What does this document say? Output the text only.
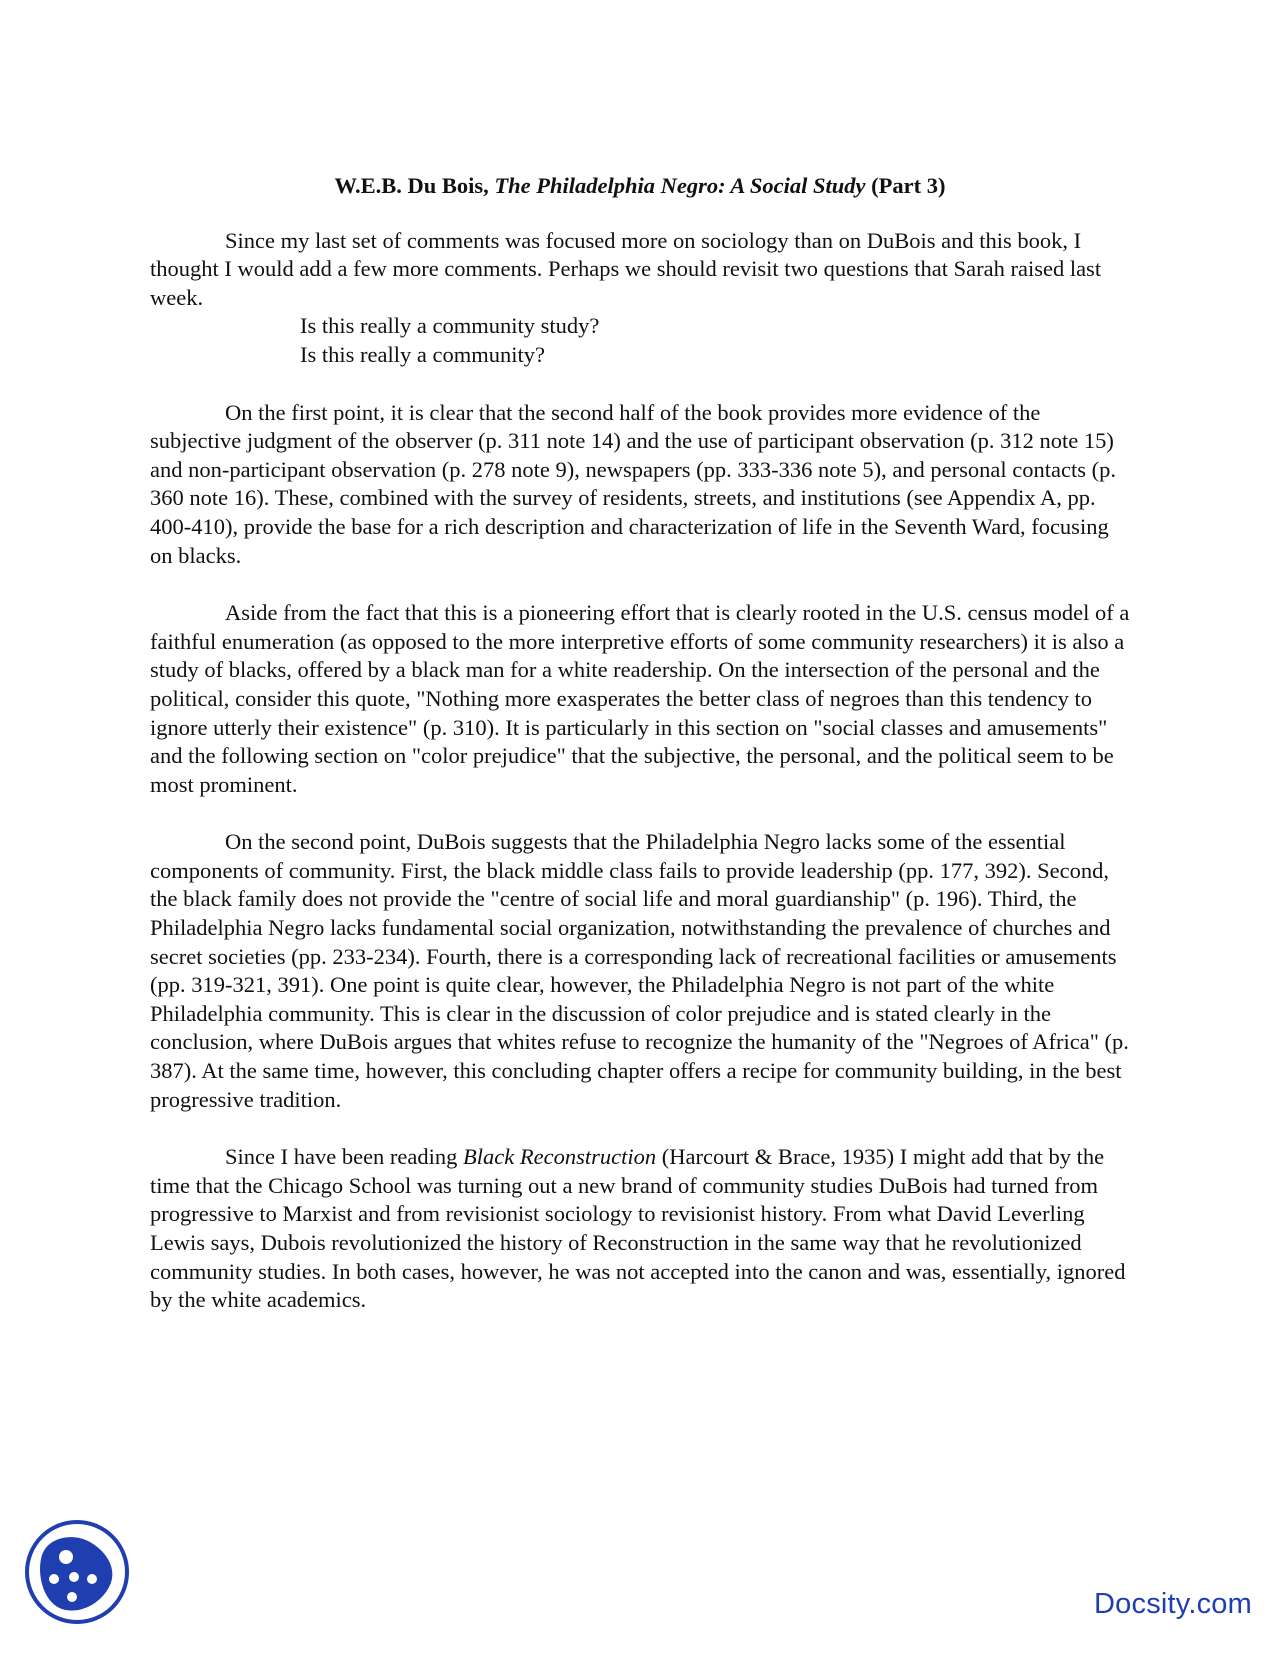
W.E.B. Du Bois, The Philadelphia Negro: A Social Study (Part 3)

Since my last set of comments was focused more on sociology than on DuBois and this book, I thought I would add a few more comments. Perhaps we should revisit two questions that Sarah raised last week.

Is this really a community study?

Is this really a community?

On the first point, it is clear that the second half of the book provides more evidence of the subjective judgment of the observer (p. 311 note 14) and the use of participant observation (p. 312 note 15) and non-participant observation (p. 278 note 9), newspapers (pp. 333-336 note 5), and personal contacts (p. 360 note 16). These, combined with the survey of residents, streets, and institutions (see Appendix A, pp. 400-410), provide the base for a rich description and characterization of life in the Seventh Ward, focusing on blacks.

Aside from the fact that this is a pioneering effort that is clearly rooted in the U.S. census model of a faithful enumeration (as opposed to the more interpretive efforts of some community researchers) it is also a study of blacks, offered by a black man for a white readership. On the intersection of the personal and the political, consider this quote, "Nothing more exasperates the better class of negroes than this tendency to ignore utterly their existence" (p. 310). It is particularly in this section on "social classes and amusements" and the following section on "color prejudice" that the subjective, the personal, and the political seem to be most prominent.

On the second point, DuBois suggests that the Philadelphia Negro lacks some of the essential components of community. First, the black middle class fails to provide leadership (pp. 177, 392). Second, the black family does not provide the "centre of social life and moral guardianship" (p. 196). Third, the Philadelphia Negro lacks fundamental social organization, notwithstanding the prevalence of churches and secret societies (pp. 233-234). Fourth, there is a corresponding lack of recreational facilities or amusements (pp. 319-321, 391). One point is quite clear, however, the Philadelphia Negro is not part of the white Philadelphia community. This is clear in the discussion of color prejudice and is stated clearly in the conclusion, where DuBois argues that whites refuse to recognize the humanity of the "Negroes of Africa" (p. 387). At the same time, however, this concluding chapter offers a recipe for community building, in the best progressive tradition.

Since I have been reading Black Reconstruction (Harcourt & Brace, 1935) I might add that by the time that the Chicago School was turning out a new brand of community studies DuBois had turned from progressive to Marxist and from revisionist sociology to revisionist history. From what David Leverling Lewis says, Dubois revolutionized the history of Reconstruction in the same way that he revolutionized community studies. In both cases, however, he was not accepted into the canon and was, essentially, ignored by the white academics.

Docsity.com
